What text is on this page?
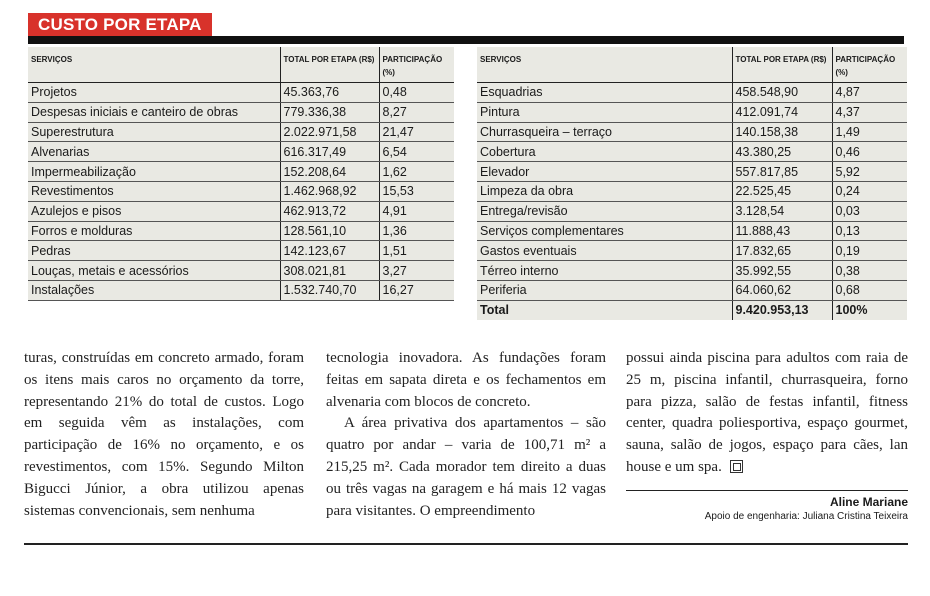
CUSTO POR ETAPA
SERVIÇOS	TOTAL POR ETAPA (R$)	PARTICIPAÇÃO (%)
Projetos	45.363,76	0,48
Despesas iniciais e canteiro de obras	779.336,38	8,27
Superestrutura	2.022.971,58	21,47
Alvenarias	616.317,49	6,54
Impermeabilização	152.208,64	1,62
Revestimentos	1.462.968,92	15,53
Azulejos e pisos	462.913,72	4,91
Forros e molduras	128.561,10	1,36
Pedras	142.123,67	1,51
Louças, metais e acessórios	308.021,81	3,27
Instalações	1.532.740,70	16,27
SERVIÇOS	TOTAL POR ETAPA (R$)	PARTICIPAÇÃO (%)
Esquadrias	458.548,90	4,87
Pintura	412.091,74	4,37
Churrasqueira – terraço	140.158,38	1,49
Cobertura	43.380,25	0,46
Elevador	557.817,85	5,92
Limpeza da obra	22.525,45	0,24
Entrega/revisão	3.128,54	0,03
Serviços complementares	11.888,43	0,13
Gastos eventuais	17.832,65	0,19
Térreo interno	35.992,55	0,38
Periferia	64.060,62	0,68
Total	9.420.953,13	100%

turas, construídas em concreto armado, foram os itens mais caros no orçamento da torre, representando 21% do total de custos. Logo em seguida vêm as instalações, com participação de 16% no orçamento, e os revestimentos, com 15%. Segundo Milton Bigucci Júnior, a obra utilizou apenas sistemas convencionais, sem nenhuma

tecnologia inovadora. As fundações foram feitas em sapata direta e os fechamentos em alvenaria com blocos de concreto.

A área privativa dos apartamentos – são quatro por andar – varia de 100,71 m² a 215,25 m². Cada morador tem direito a duas ou três vagas na garagem e há mais 12 vagas para visitantes. O empreendimento

possui ainda piscina para adultos com raia de 25 m, piscina infantil, churrasqueira, forno para pizza, salão de festas infantil, fitness center, quadra poliesportiva, espaço gourmet, sauna, salão de jogos, espaço para cães, lan house e um spa.

Aline Mariane
Apoio de engenharia: Juliana Cristina Teixeira
